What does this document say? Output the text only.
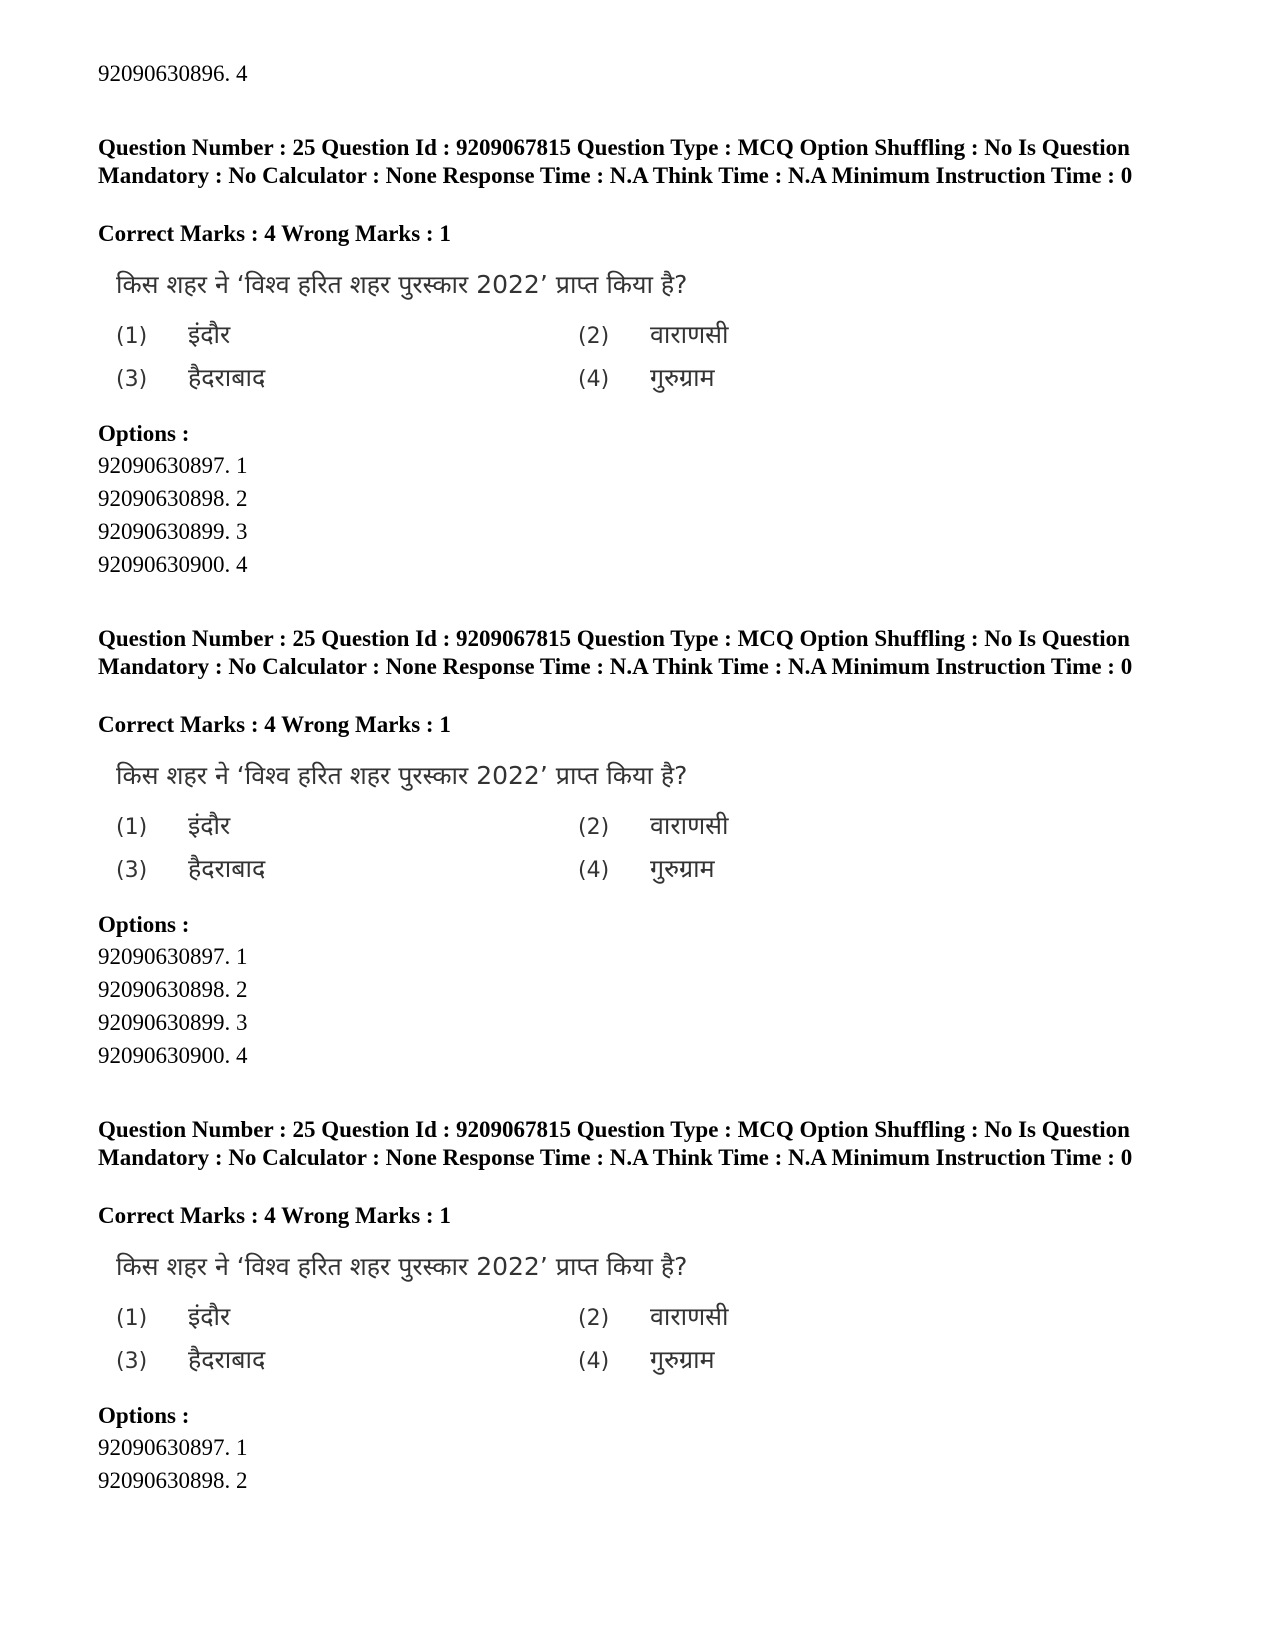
92090630896. 4
Question Number : 25 Question Id : 9209067815 Question Type : MCQ Option Shuffling : No Is Question Mandatory : No Calculator : None Response Time : N.A Think Time : N.A Minimum Instruction Time : 0
Correct Marks : 4 Wrong Marks : 1
किस शहर ने ‘विश्व हरित शहर पुरस्कार 2022’ प्राप्त किया है?
(1) इंदौर	(2) वाराणसी
(3) हैदराबाद	(4) गुरुग्राम
Options :
92090630897. 1
92090630898. 2
92090630899. 3
92090630900. 4
Question Number : 25 Question Id : 9209067815 Question Type : MCQ Option Shuffling : No Is Question Mandatory : No Calculator : None Response Time : N.A Think Time : N.A Minimum Instruction Time : 0
Correct Marks : 4 Wrong Marks : 1
किस शहर ने ‘विश्व हरित शहर पुरस्कार 2022’ प्राप्त किया है?
(1) इंदौर	(2) वाराणसी
(3) हैदराबाद	(4) गुरुग्राम
Options :
92090630897. 1
92090630898. 2
92090630899. 3
92090630900. 4
Question Number : 25 Question Id : 9209067815 Question Type : MCQ Option Shuffling : No Is Question Mandatory : No Calculator : None Response Time : N.A Think Time : N.A Minimum Instruction Time : 0
Correct Marks : 4 Wrong Marks : 1
किस शहर ने ‘विश्व हरित शहर पुरस्कार 2022’ प्राप्त किया है?
(1) इंदौर	(2) वाराणसी
(3) हैदराबाद	(4) गुरुग्राम
Options :
92090630897. 1
92090630898. 2
